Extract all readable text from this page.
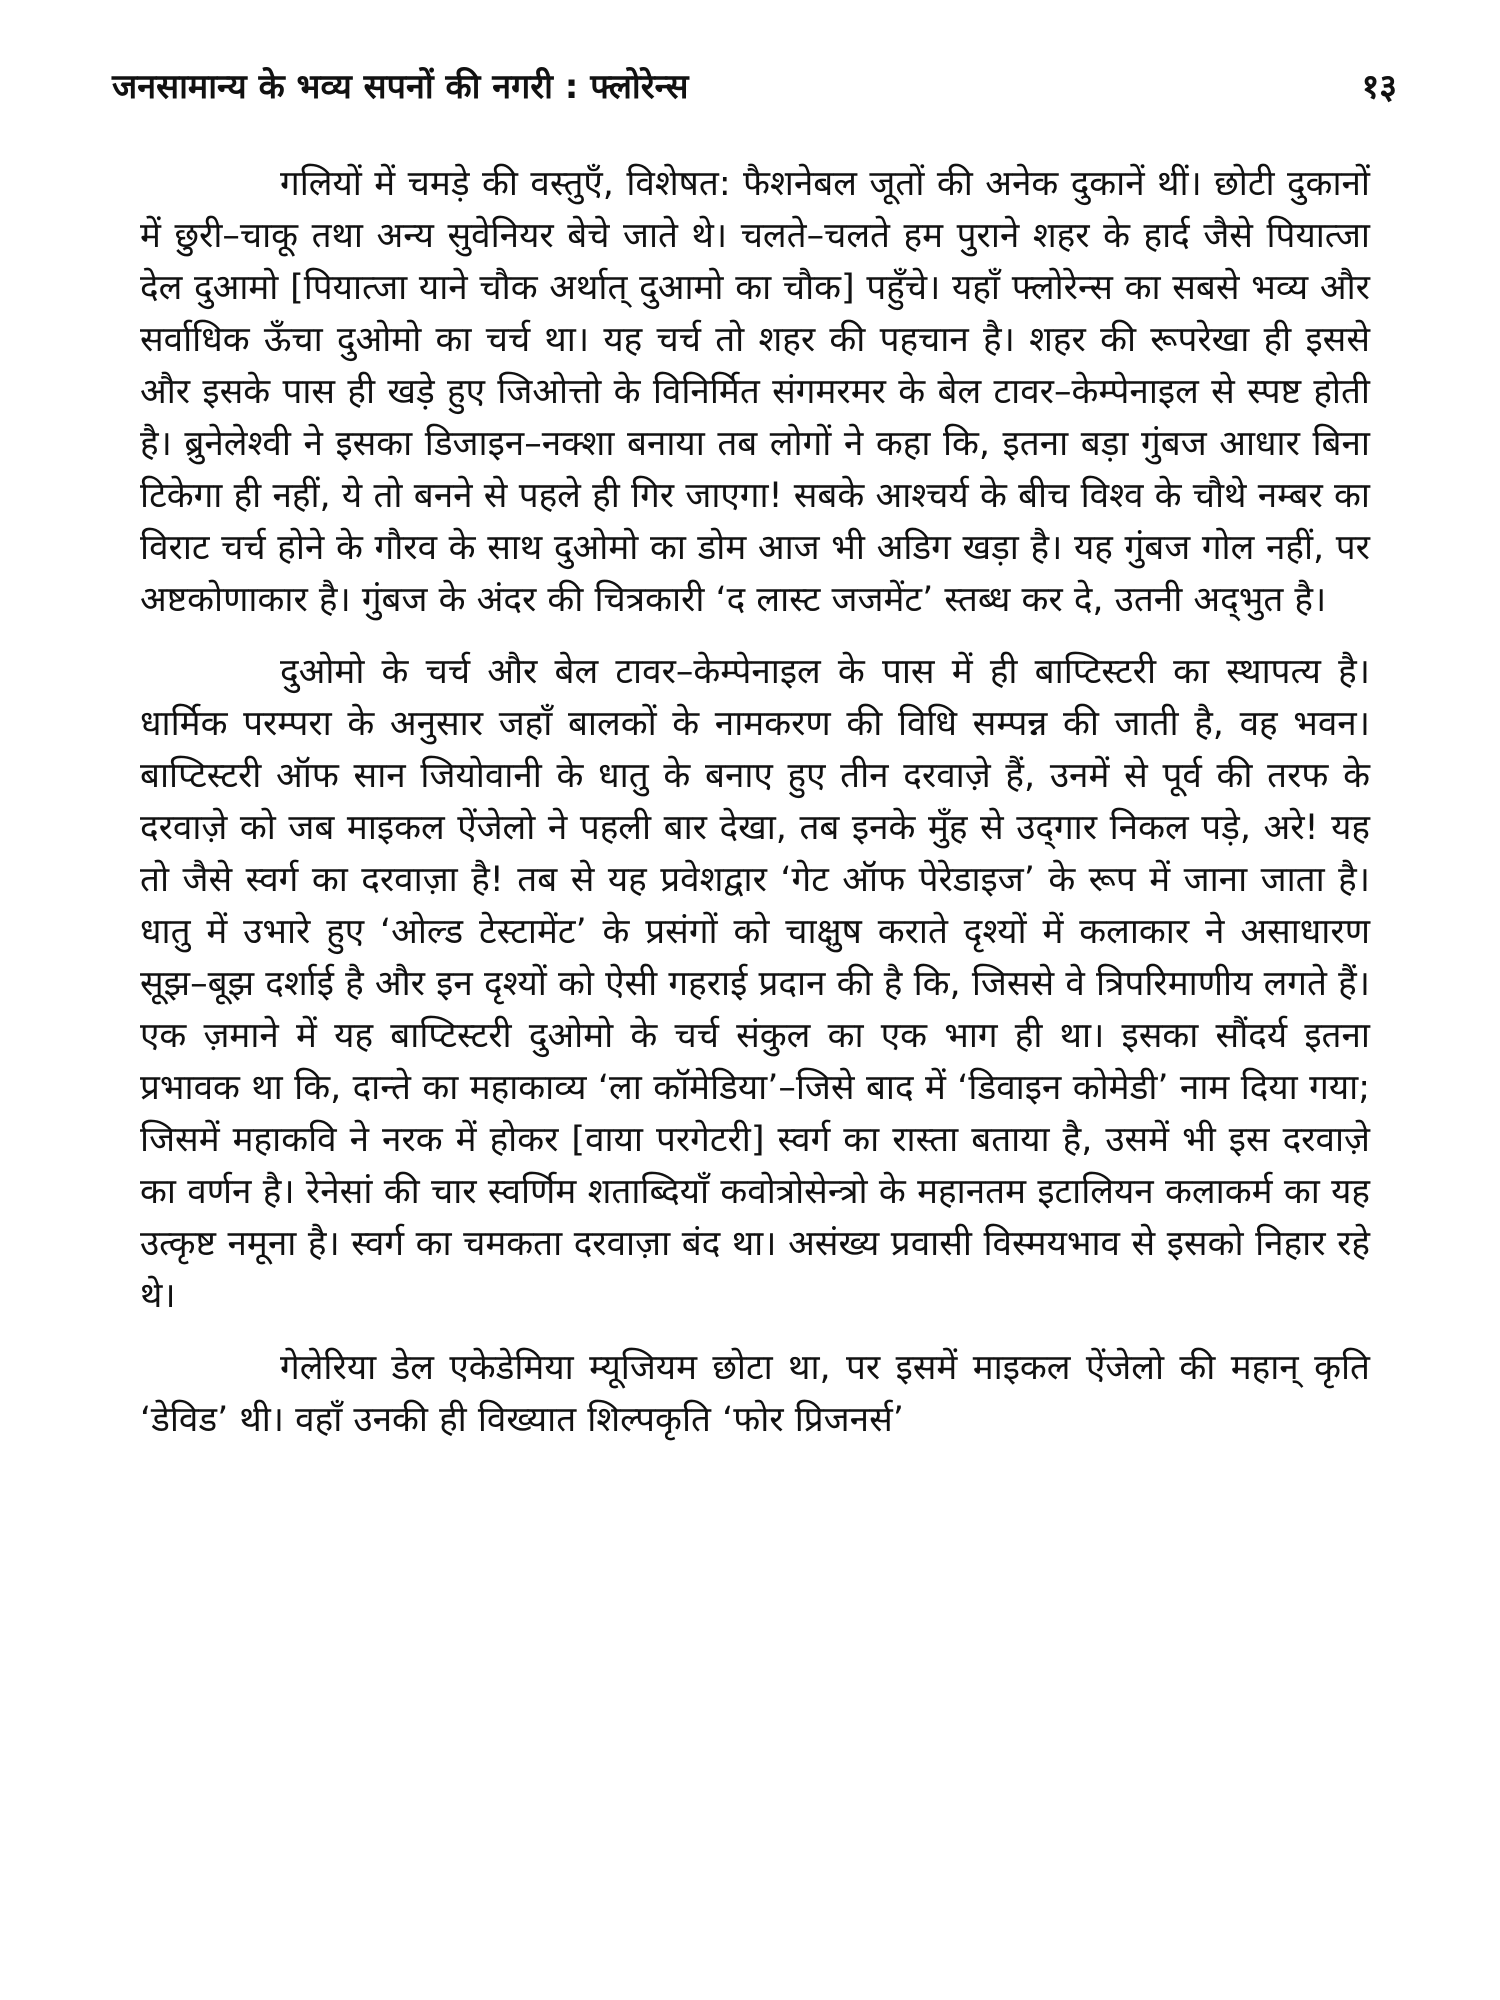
जनसामान्य के भव्य सपनों की नगरी : फ्लोरेन्स	१३

गलियों में चमड़े की वस्तुएँ, विशेषत: फैशनेबल जूतों की अनेक दुकानें थीं। छोटी दुकानों में छुरी–चाकू तथा अन्य सुवेनियर बेचे जाते थे। चलते–चलते हम पुराने शहर के हार्द जैसे पियात्जा देल दुआमो [पियात्जा याने चौक अर्थात् दुआमो का चौक] पहुँचे। यहाँ फ्लोरेन्स का सबसे भव्य और सर्वाधिक ऊँचा दुओमो का चर्च था। यह चर्च तो शहर की पहचान है। शहर की रूपरेखा ही इससे और इसके पास ही खड़े हुए जिओत्तो के विनिर्मित संगमरमर के बेल टावर–केम्पेनाइल से स्पष्ट होती है। ब्रुनेलेश्वी ने इसका डिजाइन–नक्शा बनाया तब लोगों ने कहा कि, इतना बड़ा गुंबज आधार बिना टिकेगा ही नहीं, ये तो बनने से पहले ही गिर जाएगा! सबके आश्चर्य के बीच विश्व के चौथे नम्बर का विराट चर्च होने के गौरव के साथ दुओमो का डोम आज भी अडिग खड़ा है। यह गुंबज गोल नहीं, पर अष्टकोणाकार है। गुंबज के अंदर की चित्रकारी ‘द लास्ट जजमेंट’ स्तब्ध कर दे, उतनी अद्‌भुत है।

दुओमो के चर्च और बेल टावर–केम्पेनाइल के पास में ही बाप्टिस्टरी का स्थापत्य है। धार्मिक परम्परा के अनुसार जहाँ बालकों के नामकरण की विधि सम्पन्न की जाती है, वह भवन। बाप्टिस्टरी ऑफ सान जियोवानी के धातु के बनाए हुए तीन दरवाज़े हैं, उनमें से पूर्व की तरफ के दरवाज़े को जब माइकल ऐंजेलो ने पहली बार देखा, तब इनके मुँह से उद्‌गार निकल पड़े, अरे! यह तो जैसे स्वर्ग का दरवाज़ा है! तब से यह प्रवेशद्वार ‘गेट ऑफ पेरेडाइज’ के रूप में जाना जाता है। धातु में उभारे हुए ‘ओल्ड टेस्टामेंट’ के प्रसंगों को चाक्षुष कराते दृश्यों में कलाकार ने असाधारण सूझ–बूझ दर्शाई है और इन दृश्यों को ऐसी गहराई प्रदान की है कि, जिससे वे त्रिपरिमाणीय लगते हैं। एक ज़माने में यह बाप्टिस्टरी दुओमो के चर्च संकुल का एक भाग ही था। इसका सौंदर्य इतना प्रभावक था कि, दान्ते का महाकाव्य ‘ला कॉमेडिया’–जिसे बाद में ‘डिवाइन कोमेडी’ नाम दिया गया; जिसमें महाकवि ने नरक में होकर [वाया परगेटरी] स्वर्ग का रास्ता बताया है, उसमें भी इस दरवाज़े का वर्णन है। रेनेसां की चार स्वर्णिम शताब्दियाँ कवोत्रोसेन्त्रो के महानतम इटालियन कलाकर्म का यह उत्कृष्ट नमूना है। स्वर्ग का चमकता दरवाज़ा बंद था। असंख्य प्रवासी विस्मयभाव से इसको निहार रहे थे।

गेलेरिया डेल एकेडेमिया म्यूजियम छोटा था, पर इसमें माइकल ऐंजेलो की महान् कृति ‘डेविड’ थी। वहाँ उनकी ही विख्यात शिल्पकृति ‘फोर प्रिजनर्स’
